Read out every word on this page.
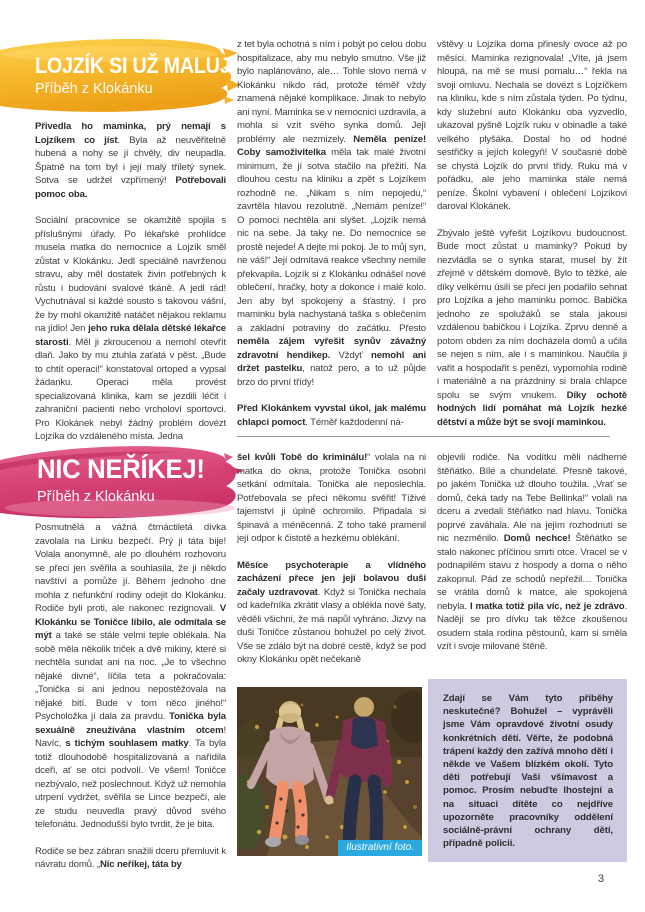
LOJZÍK SI UŽ MALUJE
Příběh z Klokánku

Přivedla ho maminka, prý nemají s Lojzíkem co jíst. Byla až neuvěřitelně hubená a nohy se jí chvěly, div neupadla. Špatně na tom byl i její malý tříletý synek. Sotva se udržel vzpřímený! Potřebovali pomoc oba.

Sociální pracovnice se okamžitě spojila s příslušnými úřady. Po lékařské prohlídce musela matka do nemocnice a Lojzík směl zůstat v Klokánku. Jedl speciálně navrženou stravu, aby měl dostatek živin potřebných k růstu i budování svalové tkáně. A jedl rád! Vychutnával si každé sousto s takovou vášní, že by mohl okamžitě natáčet nějakou reklamu na jídlo! Jen jeho ruka dělala dětské lékařce starosti. Měl ji zkroucenou a nemohl otevřít dlaň. Jako by mu ztuhla zaťatá v pěst. „Bude to chtít operaci!“ konstatoval ortoped a vypsal žádanku. Operaci měla provést specializovaná klinika, kam se jezdili léčit i zahraniční pacienti nebo vrcholoví sportovci. Pro Klokánek nebyl žádný problém dovézt Lojzíka do vzdáleného místa. Jedna

z tet byla ochotná s ním i pobýt po celou dobu hospitalizace, aby mu nebylo smutno. Vše již bylo naplánováno, ale… Tohle slovo nemá v Klokánku nikdo rád, protože téměř vždy znamená nějaké komplikace. Jinak to nebylo ani nyní. Maminka se v nemocnici uzdravila, a mohla si vzít svého synka domů. Její problémy ale nezmizely. Neměla peníze! Coby samoživitelka měla tak malé životní minimum, že jí sotva stačilo na přežití. Na dlouhou cestu na kliniku a zpět s Lojzíkem rozhodně ne. „Nikam s ním nepojedu,“ zavrtěla hlavou rezolutně. „Nemám peníze!“ O pomoci nechtěla ani slyšet. „Lojzík nemá nic na sebe. Já taky ne. Do nemocnice se prostě nejede! A dejte mi pokoj. Je to můj syn, ne váš!“ Její odmítavá reakce všechny nemile překvapila. Lojzík si z Klokánku odnášel nové oblečení, hračky, boty a dokonce i malé kolo. Jen aby byl spokojený a šťastný. I pro maminku byla nachystaná taška s oblečením a základní potraviny do začátku. Přesto neměla zájem vyřešit synův závažný zdravotní hendikep. Vždyť nemohl ani držet pastelku, natož pero, a to už půjde brzo do první třídy!

Před Klokánkem vyvstal úkol, jak malému chlapci pomoct. Téměř každodenní ná-

vštěvy u Lojzíka doma přinesly ovoce až po měsíci. Maminka rezignovala! „Víte, já jsem hloupá, na mě se musí pomalu…“ řekla na svoji omluvu. Nechala se dovézt s Lojzíčkem na kliniku, kde s ním zůstala týden. Po týdnu, kdy služební auto Klokánku oba vyzvedlo, ukazoval pyšně Lojzík ruku v obinadle a také velkého plyšáka. Dostal ho od hodné sestřičky a jejích kolegyň! V současné době se chystá Lojzík do první třídy. Ruku má v pořádku, ale jeho maminka stále nemá peníze. Školní vybavení i oblečení Lojzíkovi daroval Klokánek.

Zbývalo ještě vyřešit Lojzíkovu budoucnost. Bude moct zůstat u maminky? Pokud by nezvládla se o synka starat, musel by žít zřejmě v dětském domově. Bylo to těžké, ale díky velkému úsilí se přeci jen podařilo sehnat pro Lojzíka a jeho maminku pomoc. Babička jednoho ze spolužáků se stala jakousi vzdálenou babičkou i Lojzíka. Zprvu denně a potom obden za ním docházela domů a učila se nejen s ním, ale i s maminkou. Naučila ji vařit a hospodařit s penězi, vypomohla rodině i materiálně a na prázdniny si brala chlapce spolu se svým vnukem. Díky ochotě hodných lidí pomáhat má Lojzík hezké dětství a může být se svojí maminkou.

NIC NEŘÍKEJ!
Příběh z Klokánku

Posmutnělá a vážná čtrnáctiletá dívka zavolala na Linku bezpečí. Prý ji táta bije! Volala anonymně, ale po dlouhém rozhovoru se přeci jen svěřila a souhlasila, že ji někdo navštíví a pomůže jí. Během jednoho dne mohla z nefunkční rodiny odejit do Klokánku. Rodiče byli proti, ale nakonec rezignovali. V Klokánku se Toničce líbilo, ale odmítala se mýt a také se stále velmi teple oblékala. Na sobě měla několik triček a dvě mikiny, které si nechtěla sundat ani na noc. „Je to všechno nějaké divné“, líčila teta a pokračovala: „Tonička si ani jednou nepostěžovala na nějaké bití. Bude v tom něco jiného!“ Psycholožka jí dala za pravdu. Tonička byla sexuálně zneužívána vlastním otcem! Navíc, s tichým souhlasem matky. Ta byla totiž dlouhodobě hospitalizovaná a nařídila dceři, ať se otci podvolí. Ve všem! Toničce nezbývalo, než poslechnout. Když už nemohla utrpení vydržet, svěřila se Lince bezpečí, ale ze studu neuvedla pravý důvod svého telefonátu. Jednodušší bylo tvrdit, že je bita.

Rodiče se bez zábran snažili dceru přemluvit k návratu domů. „Nic neříkej, táta by

šel kvůli Tobě do kriminálu!“ volala na ni matka do okna, protože Tonička osobní setkání odmítala. Tonička ale neposlechla. Potřebovala se přeci někomu svěřit! Tíživé tajemství ji úplně ochromilo. Připadala si špinavá a méněcenná. Z toho také pramenil její odpor k čistotě a hezkému oblékání.

Měsíce psychoterapie a vlídného zacházení přece jen její bolavou duši začaly uzdravovat. Když si Tonička nechala od kadeřníka zkrátit vlasy a oblékla nové šaty, věděli všichni, že má napůl vyhráno. Jizvy na duši Toničce zůstanou bohužel po celý život. Vše se zdálo být na dobré cestě, když se pod okny Klokánku opět nečekaně

objevili rodiče. Na vodítku měli nádherné štěňátko. Bílé a chundelaté. Přesně takové, po jakém Tonička už dlouho toužila. „Vrať se domů, čeká tady na Tebe Bellinka!“ volali na dceru a zvedali štěňátko nad hlavu. Tonička poprvé zaváhala. Ale na jejím rozhodnutí se nic nezměnilo. Domů nechce! Štěňátko se stalo nakonec příčinou smrti otce. Vracel se v podnapilém stavu z hospody a doma o něho zakopnul. Pád ze schodů nepřežil… Tonička se vrátila domů k matce, ale spokojená nebyla. I matka totiž pila víc, než je zdrávo. Nadějí se pro dívku tak těžce zkoušenou osudem stala rodina pěstounů, kam si směla vzít i svoje milované štěně.

Ilustrativní foto.

Zdají se Vám tyto příběhy neskutečné? Bohužel – vyprávěli jsme Vám opravdové životní osudy konkrétních dětí. Věřte, že podobná trápení každý den zažívá mnoho dětí i někde ve Vašem blízkém okolí. Tyto děti potřebují Vaši všímavost a pomoc. Prosím nebuďte lhostejní a na situaci dítěte co nejdříve upozorněte pracovníky oddělení sociálně-právní ochrany dětí, případně policii.

3
